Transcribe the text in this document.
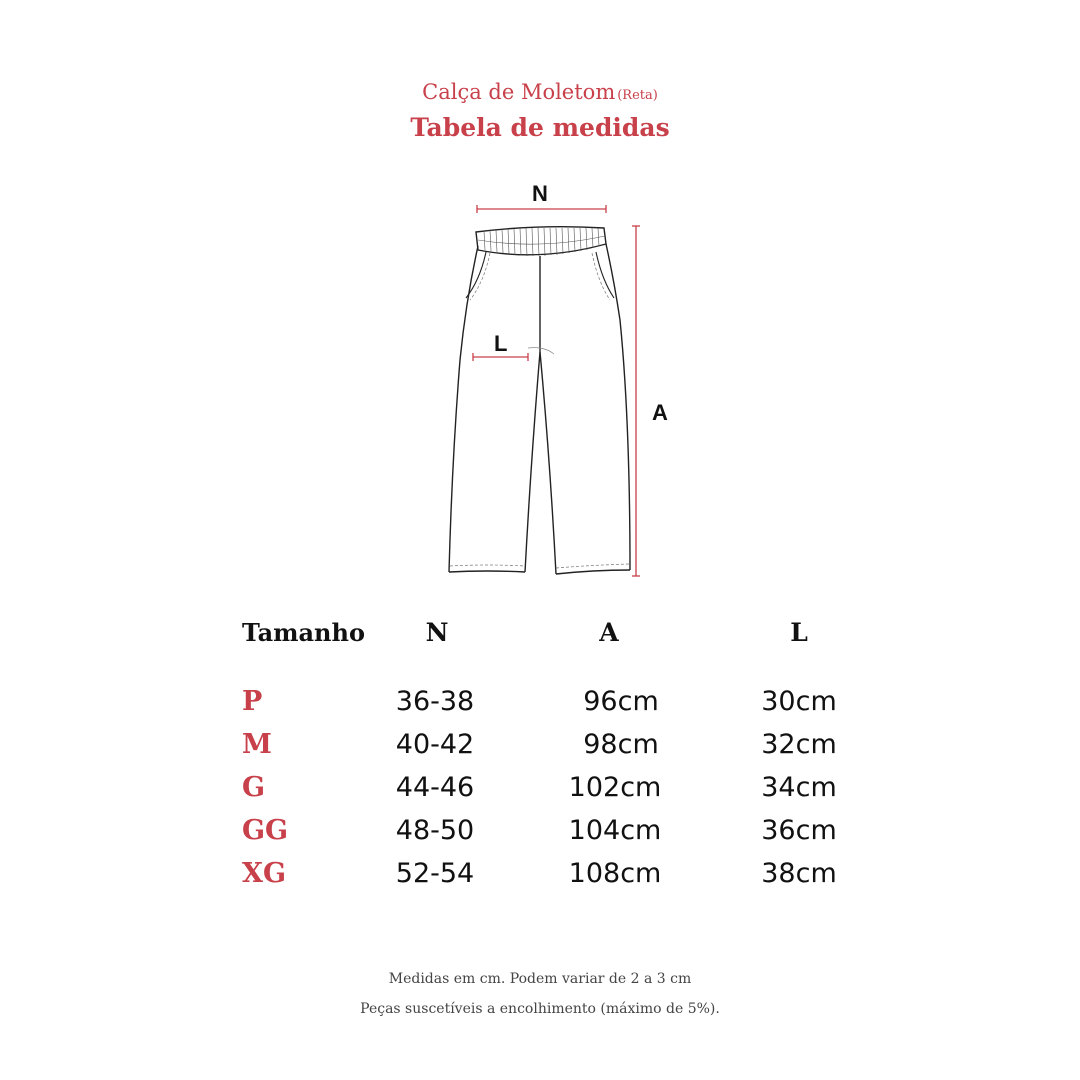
Calça de Moletom (Reta)
Tabela de medidas
N
L
A
Tamanho N	A	L
P	36-38	96cm	30cm
M	40-42	98cm	32cm
G	44-46	102cm	34cm
GG	48-50	104cm	36cm
XG	52-54	108cm	38cm
Medidas em cm. Podem variar de 2 a 3 cm
Peças suscetíveis a encolhimento (máximo de 5%).
